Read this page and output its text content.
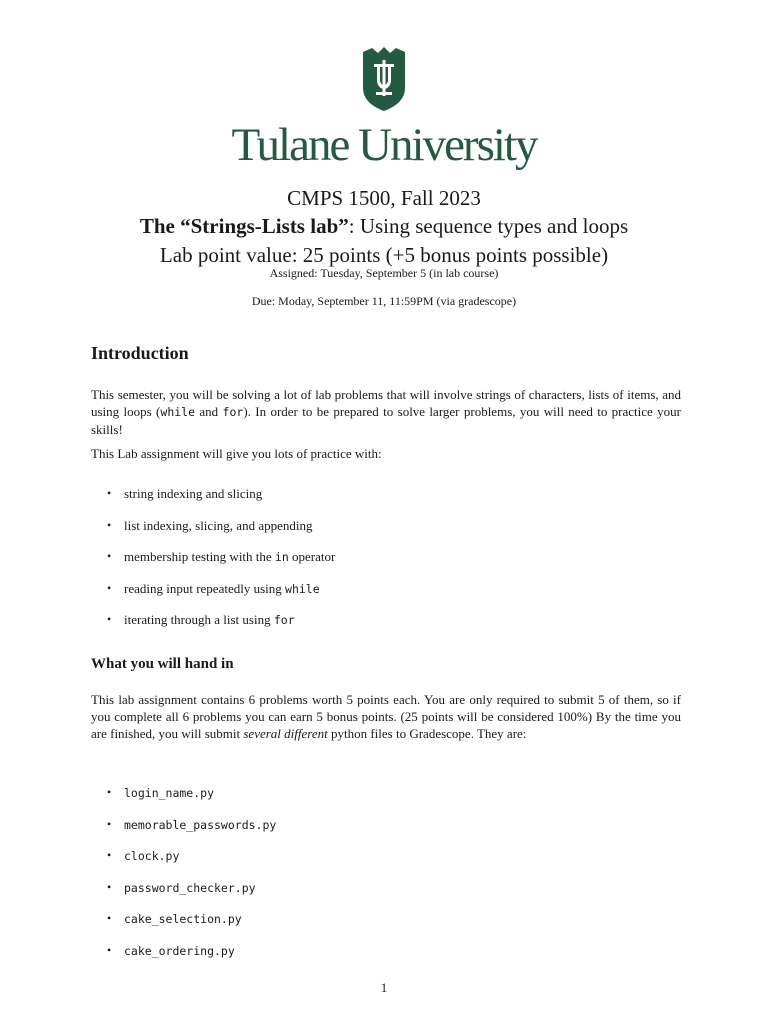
Tulane University
CMPS 1500, Fall 2023
The “Strings-Lists lab”: Using sequence types and loops
Lab point value: 25 points (+5 bonus points possible)
Assigned: Tuesday, September 5 (in lab course)
Due: Moday, September 11, 11:59PM (via gradescope)
Introduction
This semester, you will be solving a lot of lab problems that will involve strings of characters, lists of items, and using loops (while and for). In order to be prepared to solve larger problems, you will need to practice your skills!
This Lab assignment will give you lots of practice with:
• string indexing and slicing
• list indexing, slicing, and appending
• membership testing with the in operator
• reading input repeatedly using while
• iterating through a list using for
What you will hand in
This lab assignment contains 6 problems worth 5 points each. You are only required to submit 5 of them, so if you complete all 6 problems you can earn 5 bonus points. (25 points will be considered 100%) By the time you are finished, you will submit several different python files to Gradescope. They are:
• login_name.py
• memorable_passwords.py
• clock.py
• password_checker.py
• cake_selection.py
• cake_ordering.py
1
